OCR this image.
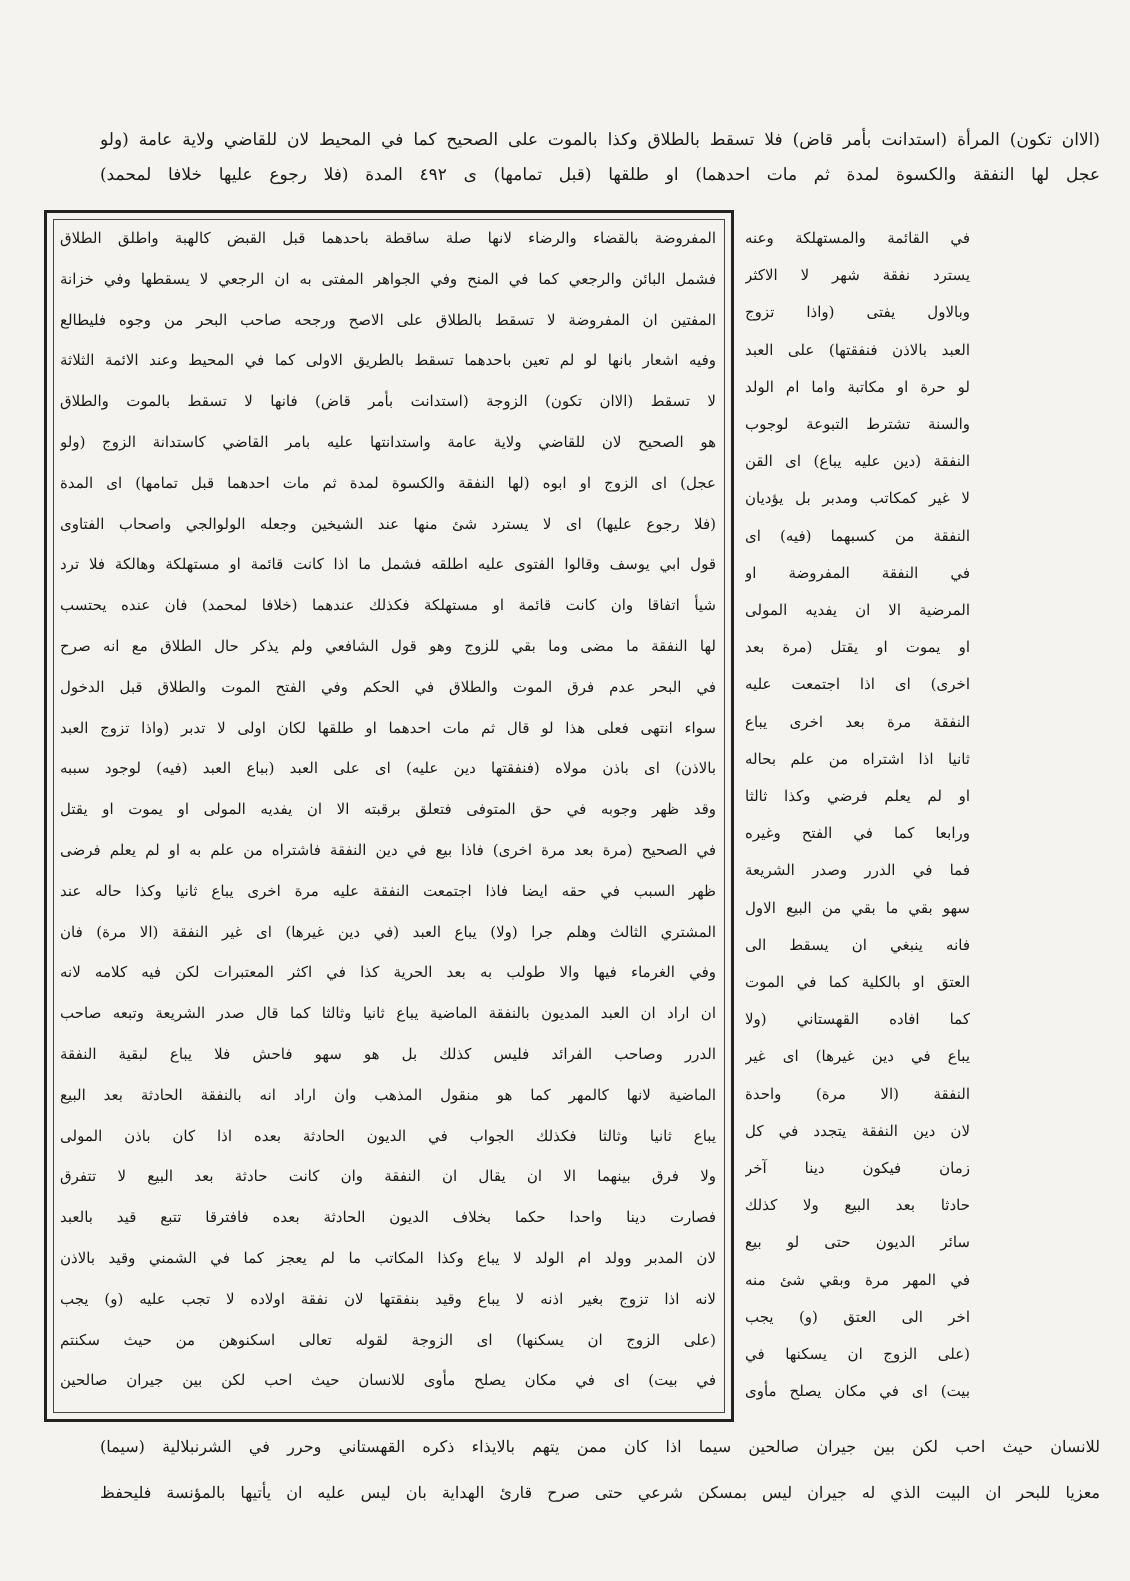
(الاان تكون) المرأة (استدانت بأمر قاض) فلا تسقط بالطلاق وكذا بالموت على الصحيح كما في المحيط لان للقاضي ولاية عامة (ولو
عجل لها النفقة والكسوة لمدة ثم مات احدهما) او طلقها (قبل تمامها) ى ٤٩٢ المدة (فلا رجوع عليها خلافا لمحمد)
المفروضة بالقضاء والرضاء لانها صلة ساقطة باحدهما قبل القبض كالهبة واطلق الطلاق
فشمل البائن والرجعي كما في المنح وفي الجواهر المفتى به ان الرجعي لا يسقطها وفي خزانة
المفتين ان المفروضة لا تسقط بالطلاق على الاصح ورجحه صاحب البحر من وجوه فليطالع
وفيه اشعار بانها لو لم تعين باحدهما تسقط بالطريق الاولى كما في المحيط وعند الائمة الثلاثة
لا تسقط (الاان تكون) الزوجة (استدانت بأمر قاض) فانها لا تسقط بالموت والطلاق
هو الصحيح لان للقاضي ولاية عامة واستدانتها عليه بامر القاضي كاستدانة الزوج (ولو
عجل) اى الزوج او ابوه (لها النفقة والكسوة لمدة ثم مات احدهما قبل تمامها) اى المدة
(فلا رجوع عليها) اى لا يسترد شئ منها عند الشيخين وجعله الولوالجي واصحاب الفتاوى
قول ابي يوسف وقالوا الفتوى عليه اطلقه فشمل ما اذا كانت قائمة او مستهلكة وهالكة فلا ترد
شيأ اتفاقا وان كانت قائمة او مستهلكة فكذلك عندهما (خلافا لمحمد) فان عنده يحتسب
لها النفقة ما مضى وما بقي للزوج وهو قول الشافعي ولم يذكر حال الطلاق مع انه صرح
في البحر عدم فرق الموت والطلاق في الحكم وفي الفتح الموت والطلاق قبل الدخول
سواء انتهى فعلى هذا لو قال ثم مات احدهما او طلقها لكان اولى لا تدبر (واذا تزوج العبد
بالاذن) اى باذن مولاه (فنفقتها دين عليه) اى على العبد (بباع العبد (فيه) لوجود سببه
وقد ظهر وجوبه في حق المتوفى فتعلق برقبته الا ان يفديه المولى او يموت او يقتل
في الصحيح (مرة بعد مرة اخرى) فاذا بيع في دين النفقة فاشتراه من علم به او لم يعلم فرضى
ظهر السبب في حقه ايضا فاذا اجتمعت النفقة عليه مرة اخرى يباع ثانيا وكذا حاله عند
المشتري الثالث وهلم جرا (ولا) يباع العبد (في دين غيرها) اى غير النفقة (الا مرة) فان
وفي الغرماء فيها والا طولب به بعد الحرية كذا في اكثر المعتبرات لكن فيه كلامه لانه
ان اراد ان العبد المديون بالنفقة الماضية يباع ثانيا وثالثا كما قال صدر الشريعة وتبعه صاحب
الدرر وصاحب الفرائد فليس كذلك بل هو سهو فاحش فلا يباع لبقية النفقة
الماضية لانها كالمهر كما هو منقول المذهب وان اراد انه بالنفقة الحادثة بعد البيع
يباع ثانيا وثالثا فكذلك الجواب في الديون الحادثة بعده اذا كان باذن المولى
ولا فرق بينهما الا ان يقال ان النفقة وان كانت حادثة بعد البيع لا تتفرق
فصارت دينا واحدا حكما بخلاف الديون الحادثة بعده فافترقا تتبع قيد بالعبد
لان المدبر وولد ام الولد لا يباع وكذا المكاتب ما لم يعجز كما في الشمني وقيد بالاذن
لانه اذا تزوج بغير اذنه لا يباع وقيد بنفقتها لان نفقة اولاده لا تجب عليه (و) يجب
(على الزوج ان يسكنها) اى الزوجة لقوله تعالى اسكنوهن من حيث سكنتم
في بيت) اى في مكان يصلح مأوى للانسان حيث احب لكن بين جيران صالحين
في القائمة والمستهلكة وعنه
يسترد نفقة شهر لا الاكثر
وبالاول يفتى (واذا تزوج
العبد بالاذن فنفقتها) على العبد
لو حرة او مكاتبة واما ام الولد
والسنة تشترط التبوعة لوجوب
النفقة (دين عليه يباع) اى القن
لا غير كمكاتب ومدبر بل يؤديان
النفقة من كسبهما (فيه) اى
في النفقة المفروضة او
المرضية الا ان يفديه المولى
او يموت او يقتل (مرة بعد
اخرى) اى اذا اجتمعت عليه
النفقة مرة بعد اخرى يباع
ثانيا اذا اشتراه من علم بحاله
او لم يعلم فرضي وكذا ثالثا
ورابعا كما في الفتح وغيره
فما في الدرر وصدر الشريعة
سهو بقي ما بقي من البيع الاول
فانه ينبغي ان يسقط الى
العتق او بالكلية كما في الموت
كما افاده القهستاني (ولا
يباع في دين غيرها) اى غير
النفقة (الا مرة) واحدة
لان دين النفقة يتجدد في كل
زمان فيكون دينا آخر
حادثا بعد البيع ولا كذلك
سائر الديون حتى لو بيع
في المهر مرة وبقي شئ منه
اخر الى العتق (و) يجب
(على الزوج ان يسكنها في
بيت) اى في مكان يصلح مأوى
للانسان حيث احب لكن بين جيران صالحين سيما اذا كان ممن يتهم بالايذاء ذكره القهستاني وحرر في الشرنبلالية (سيما)
معزيا للبحر ان البيت الذي له جيران ليس بمسكن شرعي حتى صرح قارئ الهداية بان ليس عليه ان يأتيها بالمؤنسة فليحفظ
